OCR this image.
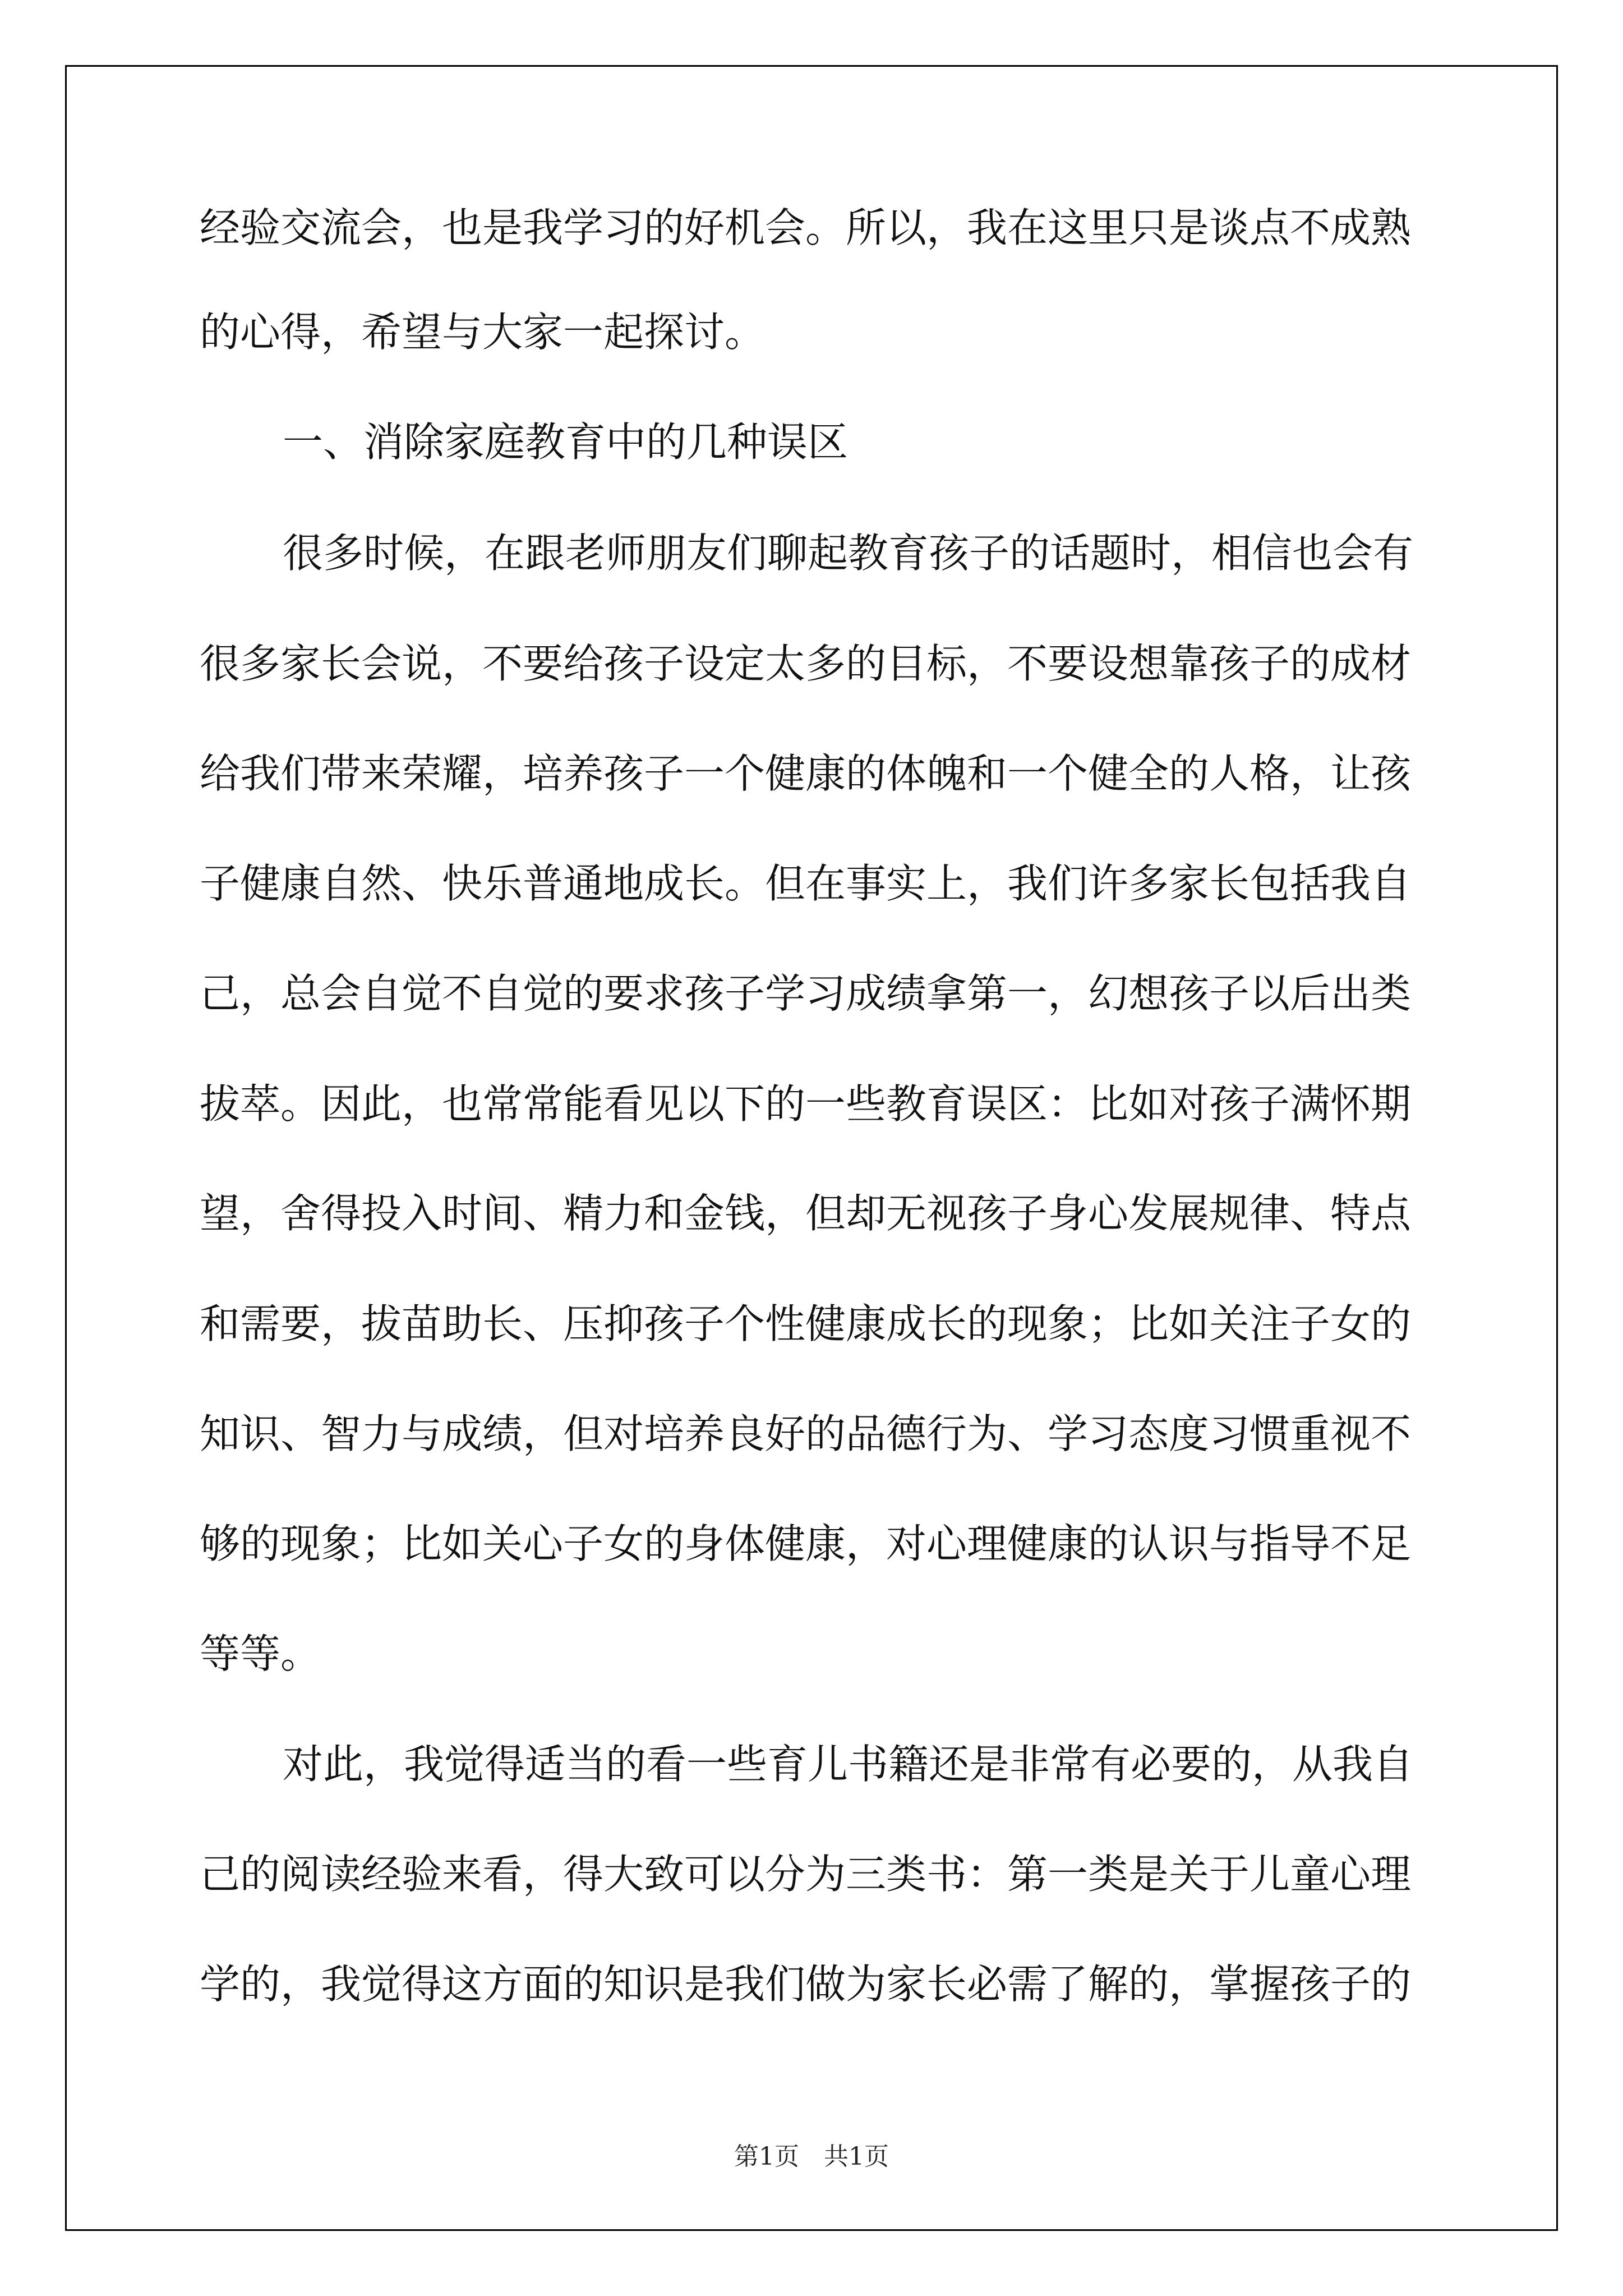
经验交流会，也是我学习的好机会。所以，我在这里只是谈点不成熟
的心得，希望与大家一起探讨。
一、消除家庭教育中的几种误区
很多时候，在跟老师朋友们聊起教育孩子的话题时，相信也会有
很多家长会说，不要给孩子设定太多的目标，不要设想靠孩子的成材
给我们带来荣耀，培养孩子一个健康的体魄和一个健全的人格，让孩
子健康自然、快乐普通地成长。但在事实上，我们许多家长包括我自
己，总会自觉不自觉的要求孩子学习成绩拿第一，幻想孩子以后出类
拔萃。因此，也常常能看见以下的一些教育误区：比如对孩子满怀期
望，舍得投入时间、精力和金钱，但却无视孩子身心发展规律、特点
和需要，拔苗助长、压抑孩子个性健康成长的现象；比如关注子女的
知识、智力与成绩，但对培养良好的品德行为、学习态度习惯重视不
够的现象；比如关心子女的身体健康，对心理健康的认识与指导不足
等等。
对此，我觉得适当的看一些育儿书籍还是非常有必要的，从我自
己的阅读经验来看，得大致可以分为三类书：第一类是关于儿童心理
学的，我觉得这方面的知识是我们做为家长必需了解的，掌握孩子的
第1页　共1页
